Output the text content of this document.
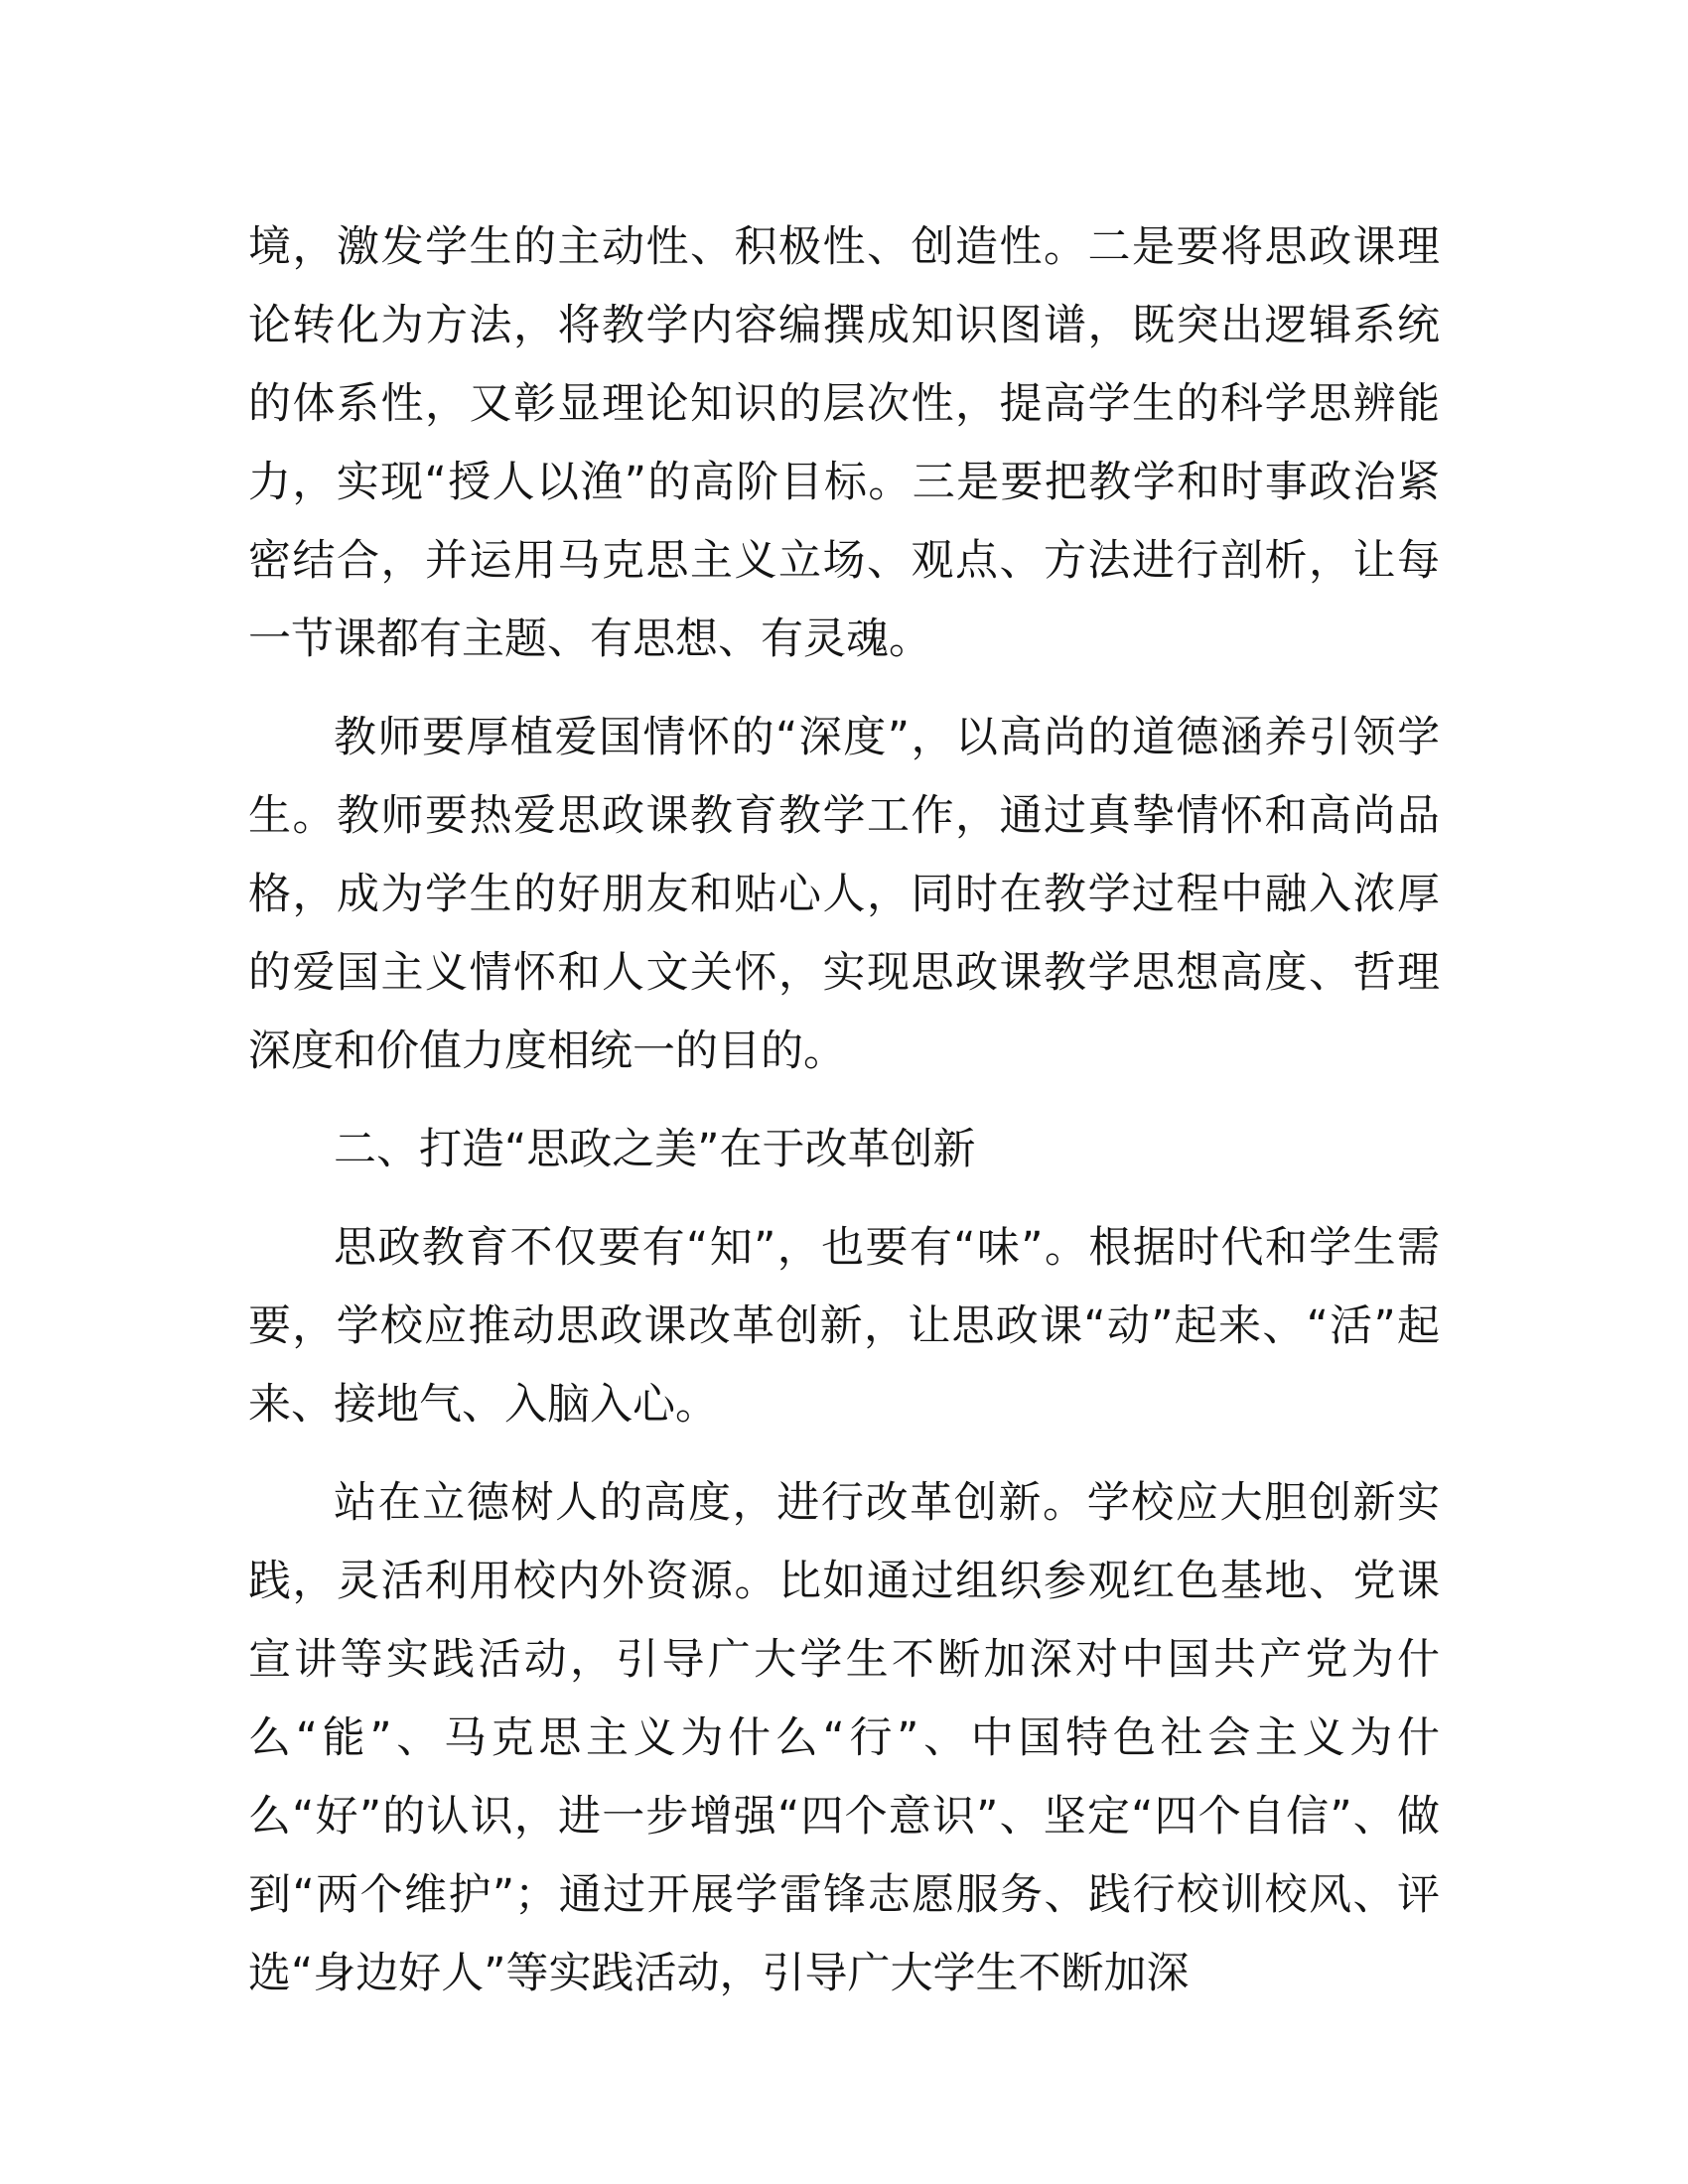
境，激发学生的主动性、积极性、创造性。二是要将思政课理论转化为方法，将教学内容编撰成知识图谱，既突出逻辑系统的体系性，又彰显理论知识的层次性，提高学生的科学思辨能力，实现“授人以渔”的高阶目标。三是要把教学和时事政治紧密结合，并运用马克思主义立场、观点、方法进行剖析，让每一节课都有主题、有思想、有灵魂。

教师要厚植爱国情怀的“深度”，以高尚的道德涵养引领学生。教师要热爱思政课教育教学工作，通过真挚情怀和高尚品格，成为学生的好朋友和贴心人，同时在教学过程中融入浓厚的爱国主义情怀和人文关怀，实现思政课教学思想高度、哲理深度和价值力度相统一的目的。

二、打造“思政之美”在于改革创新

思政教育不仅要有“知”，也要有“味”。根据时代和学生需要，学校应推动思政课改革创新，让思政课“动”起来、“活”起来、接地气、入脑入心。

站在立德树人的高度，进行改革创新。学校应大胆创新实践，灵活利用校内外资源。比如通过组织参观红色基地、党课宣讲等实践活动，引导广大学生不断加深对中国共产党为什么“能”、马克思主义为什么“行”、中国特色社会主义为什么“好”的认识，进一步增强“四个意识”、坚定“四个自信”、做到“两个维护”；通过开展学雷锋志愿服务、践行校训校风、评选“身边好人”等实践活动，引导广大学生不断加深
